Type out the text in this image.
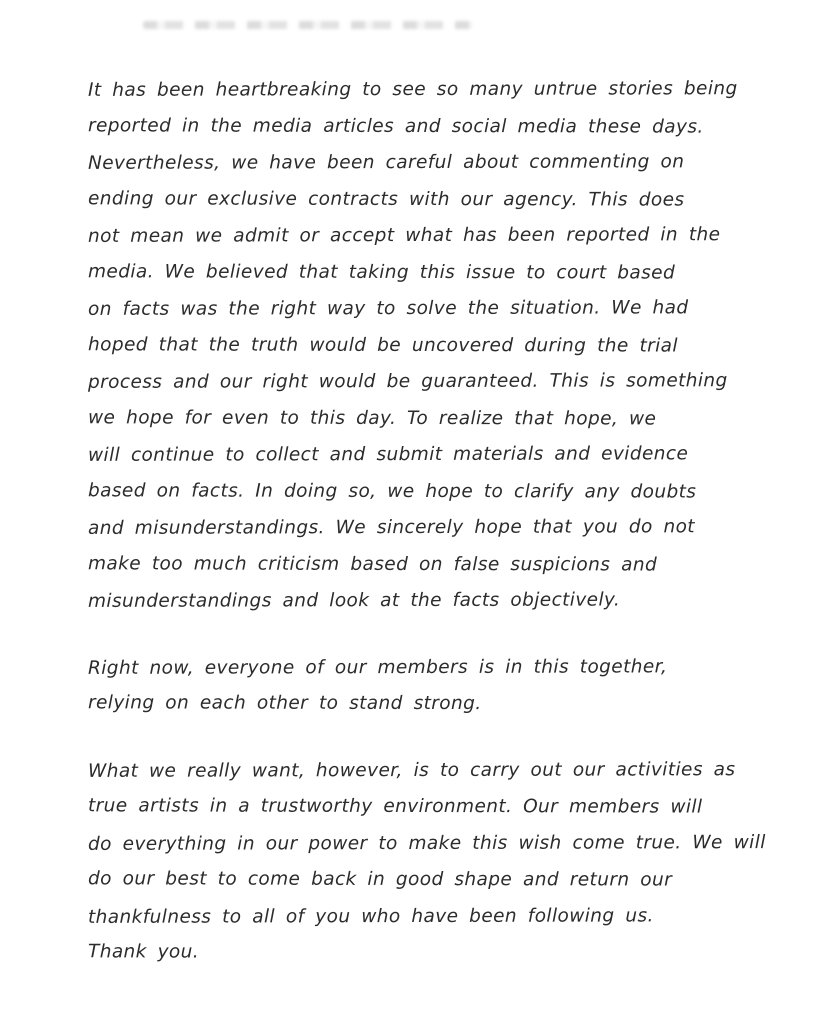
It has been heartbreaking to see so many untrue stories being
reported in the media articles and social media these days.
Nevertheless, we have been careful about commenting on
ending our exclusive contracts with our agency. This does
not mean we admit or accept what has been reported in the
media. We believed that taking this issue to court based
on facts was the right way to solve the situation. We had
hoped that the truth would be uncovered during the trial
process and our right would be guaranteed. This is something
we hope for even to this day. To realize that hope, we
will continue to collect and submit materials and evidence
based on facts. In doing so, we hope to clarify any doubts
and misunderstandings. We sincerely hope that you do not
make too much criticism based on false suspicions and
misunderstandings and look at the facts objectively.
Right now, everyone of our members is in this together,
relying on each other to stand strong.
What we really want, however, is to carry out our activities as
true artists in a trustworthy environment. Our members will
do everything in our power to make this wish come true. We will
do our best to come back in good shape and return our
thankfulness to all of you who have been following us.
Thank you.
